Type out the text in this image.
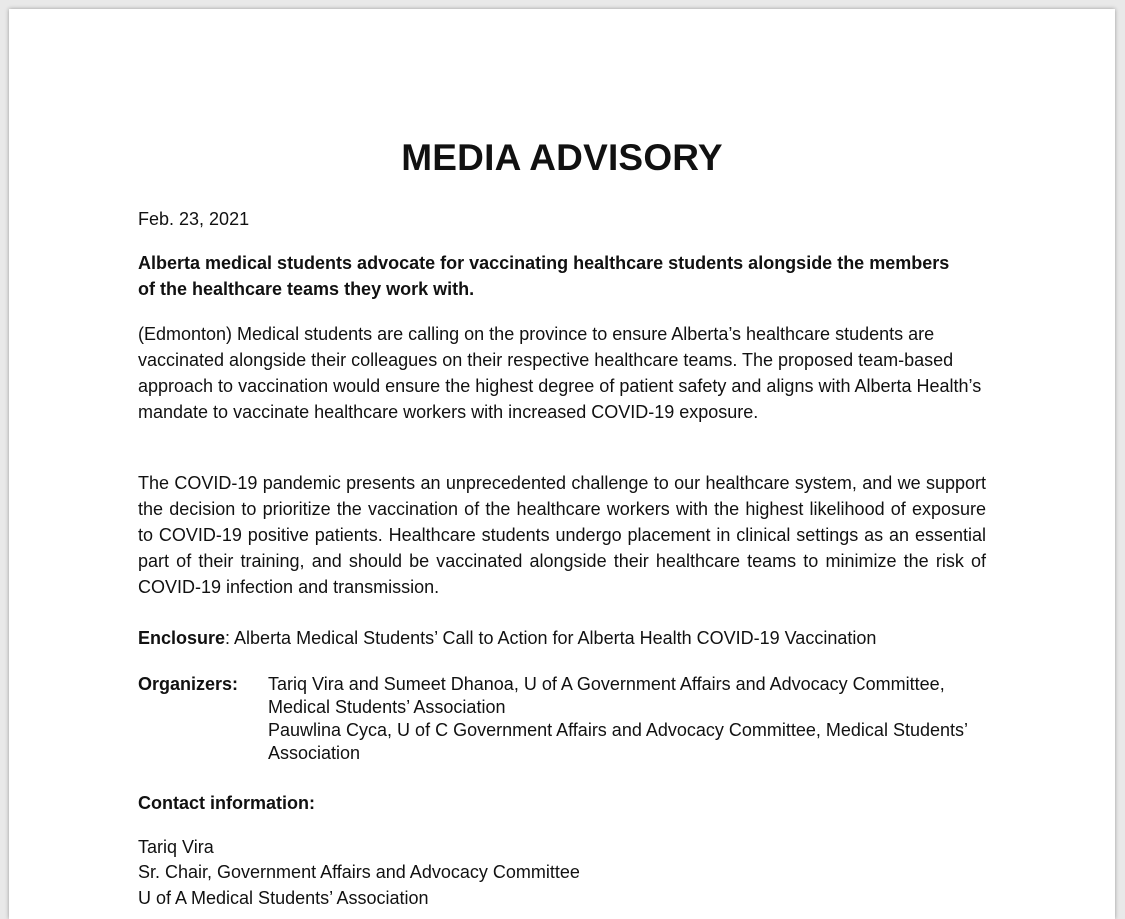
MEDIA ADVISORY

Feb. 23, 2021

Alberta medical students advocate for vaccinating healthcare students alongside the members of the healthcare teams they work with.

(Edmonton) Medical students are calling on the province to ensure Alberta’s healthcare students are vaccinated alongside their colleagues on their respective healthcare teams. The proposed team-based approach to vaccination would ensure the highest degree of patient safety and aligns with Alberta Health’s mandate to vaccinate healthcare workers with increased COVID-19 exposure.

The COVID-19 pandemic presents an unprecedented challenge to our healthcare system, and we support the decision to prioritize the vaccination of the healthcare workers with the highest likelihood of exposure to COVID-19 positive patients. Healthcare students undergo placement in clinical settings as an essential part of their training, and should be vaccinated alongside their healthcare teams to minimize the risk of COVID-19 infection and transmission.

Enclosure: Alberta Medical Students’ Call to Action for Alberta Health COVID-19 Vaccination

Organizers:	Tariq Vira and Sumeet Dhanoa, U of A Government Affairs and Advocacy Committee, Medical Students’ Association
Pauwlina Cyca, U of C Government Affairs and Advocacy Committee, Medical Students’ Association

Contact information:

Tariq Vira

Sr. Chair, Government Affairs and Advocacy Committee

U of A Medical Students’ Association
